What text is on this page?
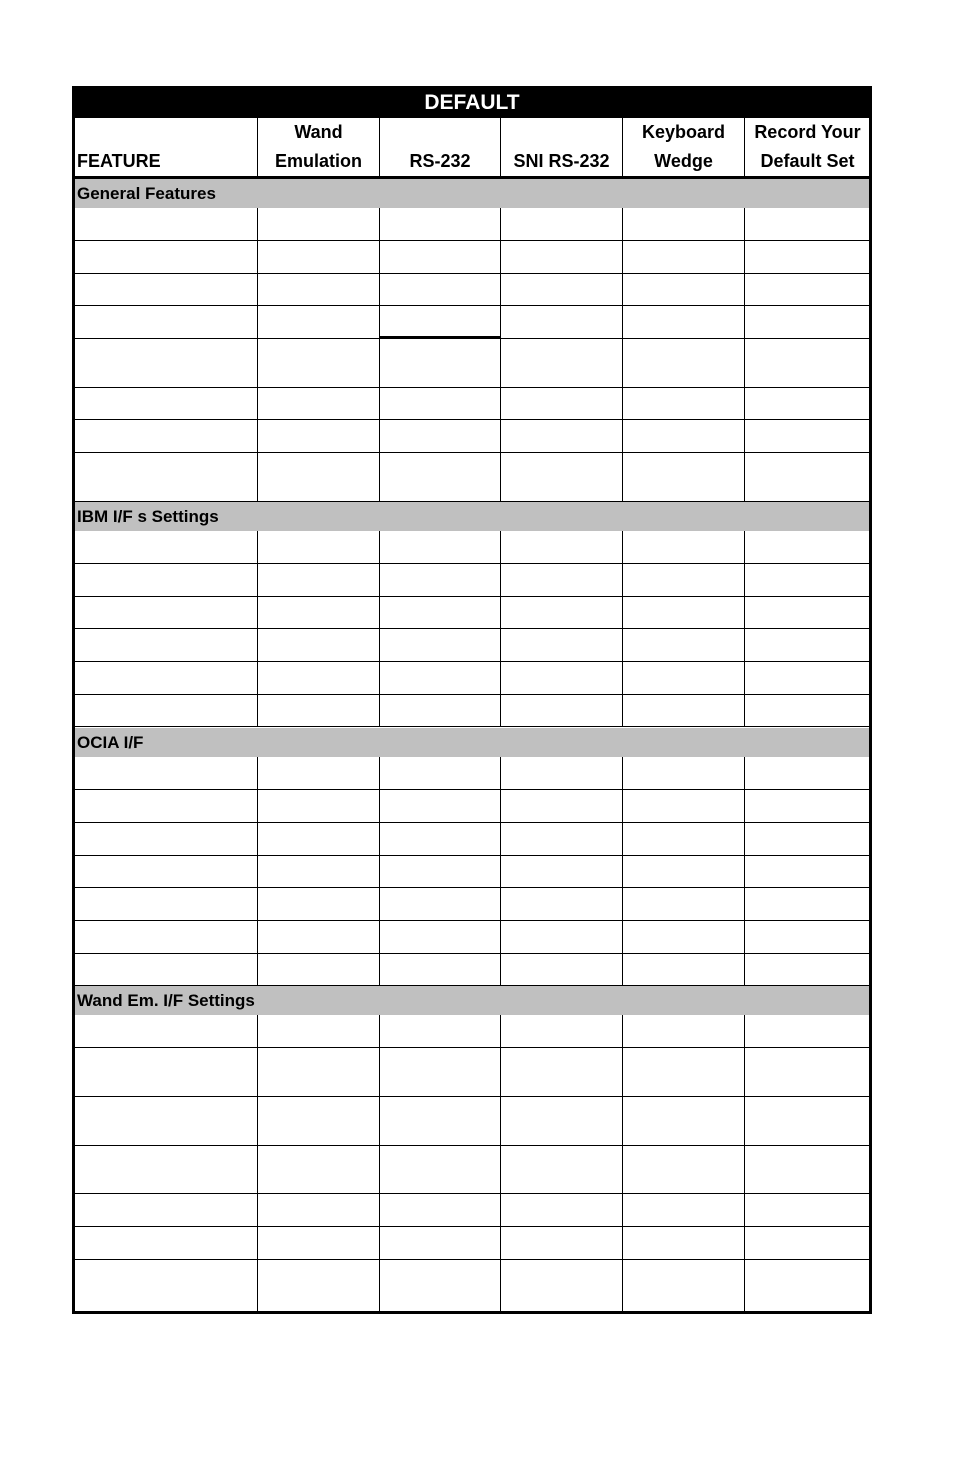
DEFAULT
FEATURE
Wand
Emulation	RS-232	SNI RS-232
Keyboard
Wedge
Record Your
Default Set
General Features
IBM I/F s Settings
OCIA I/F
Wand Em. I/F Settings
